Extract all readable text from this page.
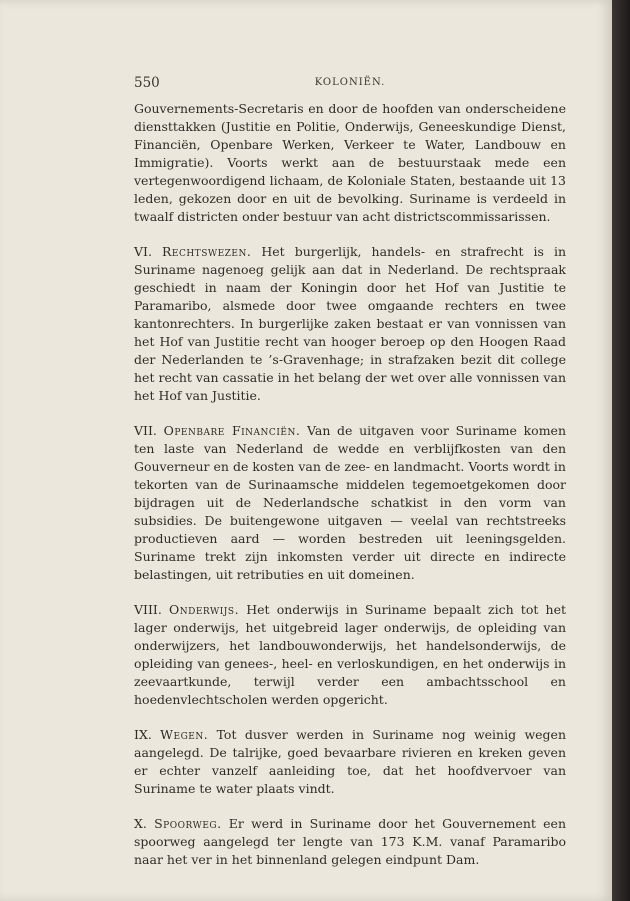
550	KOLONIËN.

Gouvernements-Secretaris en door de hoofden van onderscheidene diensttakken (Justitie en Politie, Onderwijs, Geneeskundige Dienst, Financiën, Openbare Werken, Verkeer te Water, Landbouw en Immigratie). Voorts werkt aan de bestuurstaak mede een vertegenwoordigend lichaam, de Koloniale Staten, bestaande uit 13 leden, gekozen door en uit de bevolking. Suriname is verdeeld in twaalf districten onder bestuur van acht districtscommissarissen.

VI. Rechtswezen. Het burgerlijk, handels- en strafrecht is in Suriname nagenoeg gelijk aan dat in Nederland. De rechtspraak geschiedt in naam der Koningin door het Hof van Justitie te Paramaribo, alsmede door twee omgaande rechters en twee kantonrechters. In burgerlijke zaken bestaat er van vonnissen van het Hof van Justitie recht van hooger beroep op den Hoogen Raad der Nederlanden te ’s-Gravenhage; in strafzaken bezit dit college het recht van cassatie in het belang der wet over alle vonnissen van het Hof van Justitie.

VII. Openbare Financiën. Van de uitgaven voor Suriname komen ten laste van Nederland de wedde en verblijfkosten van den Gouverneur en de kosten van de zee- en landmacht. Voorts wordt in tekorten van de Surinaamsche middelen tegemoetgekomen door bijdragen uit de Nederlandsche schatkist in den vorm van subsidies. De buitengewone uitgaven — veelal van rechtstreeks productieven aard — worden bestreden uit leeningsgelden. Suriname trekt zijn inkomsten verder uit directe en indirecte belastingen, uit retributies en uit domeinen.

VIII. Onderwijs. Het onderwijs in Suriname bepaalt zich tot het lager onderwijs, het uitgebreid lager onderwijs, de opleiding van onderwijzers, het landbouwonderwijs, het handelsonderwijs, de opleiding van genees-, heel- en verloskundigen, en het onderwijs in zeevaartkunde, terwijl verder een ambachtsschool en hoedenvlechtscholen werden opgericht.

IX. Wegen. Tot dusver werden in Suriname nog weinig wegen aangelegd. De talrijke, goed bevaarbare rivieren en kreken geven er echter vanzelf aanleiding toe, dat het hoofdvervoer van Suriname te water plaats vindt.

X. Spoorweg. Er werd in Suriname door het Gouvernement een spoorweg aangelegd ter lengte van 173 K.M. vanaf Paramaribo naar het ver in het binnenland gelegen eindpunt Dam.
